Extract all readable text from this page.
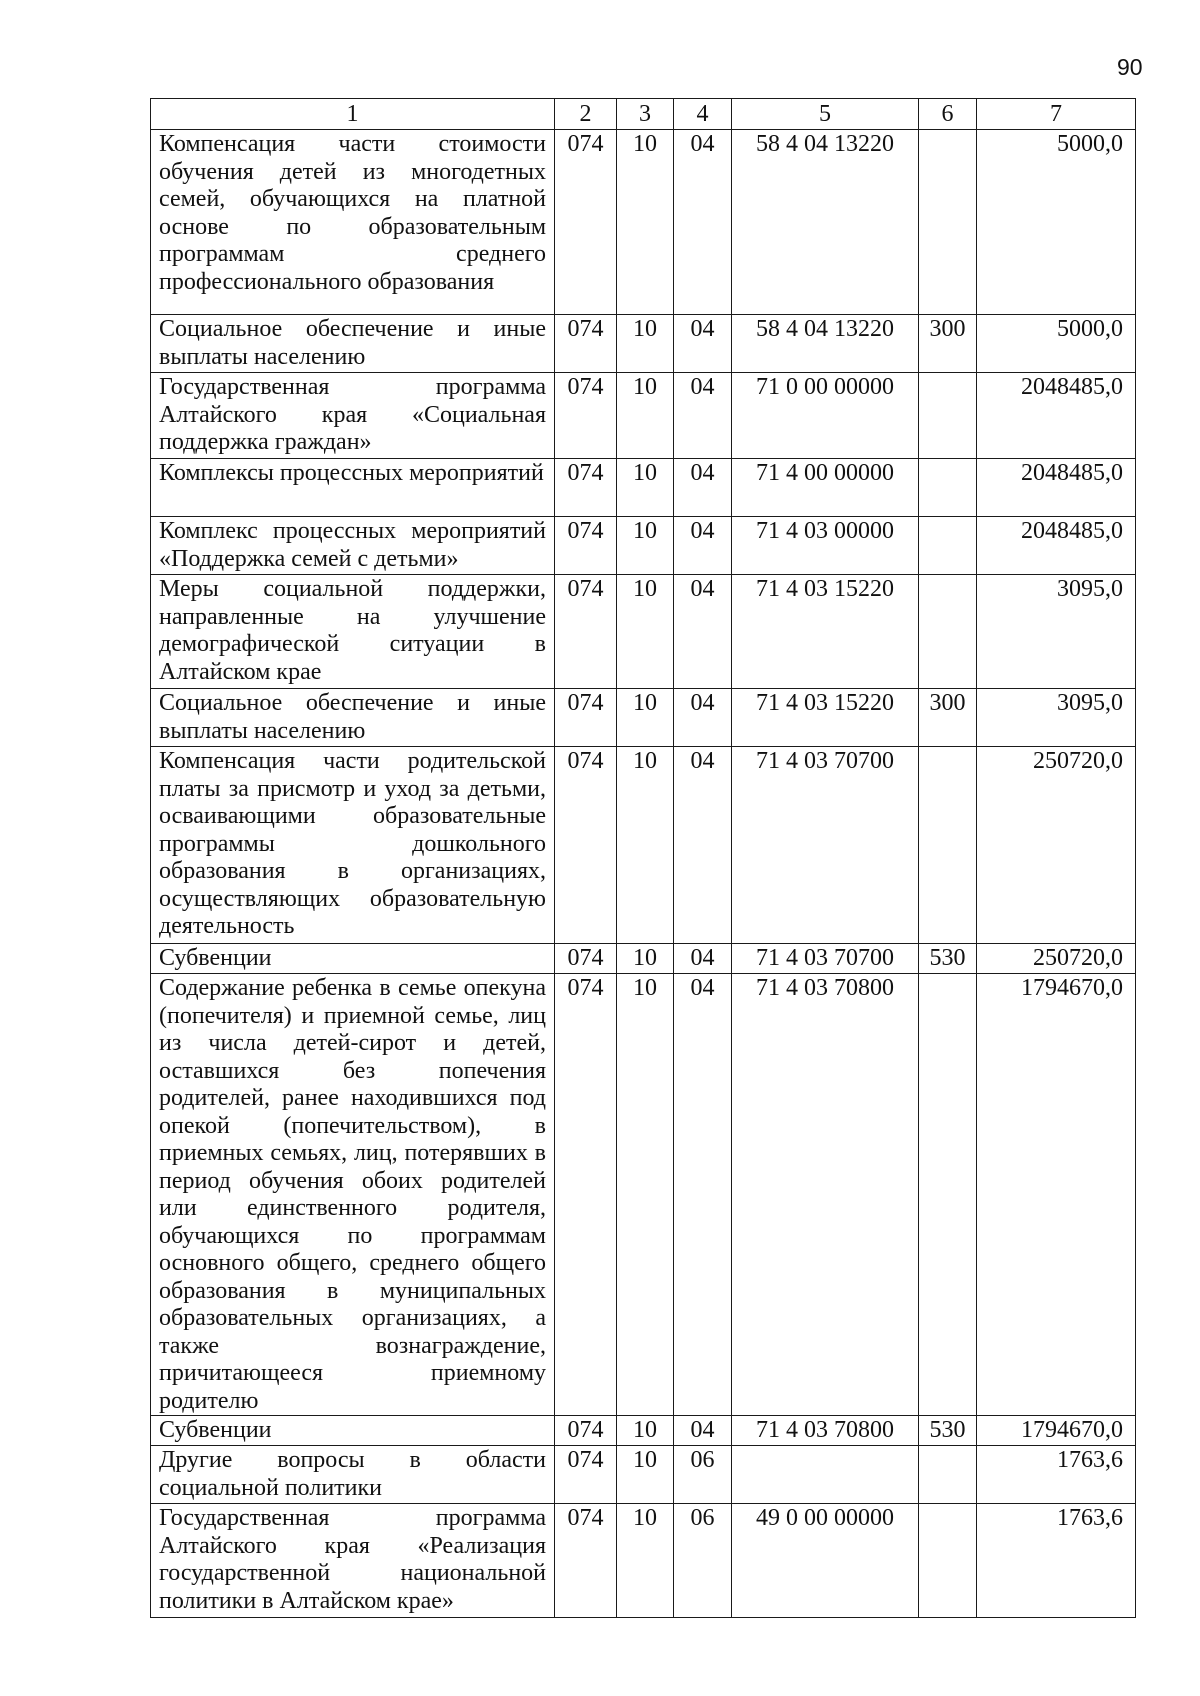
90
1	2	3	4	5	6	7
Компенсация части стоимости обучения детей из многодетных семей, обучающихся на платной основе по образовательным программам среднего профессионального образования	074	10	04	58 4 04 13220		5000,0
Социальное обеспечение и иные выплаты населению	074	10	04	58 4 04 13220	300	5000,0
Государственная программа Алтайского края «Социальная поддержка граждан»	074	10	04	71 0 00 00000		2048485,0
Комплексы процессных мероприятий	074	10	04	71 4 00 00000		2048485,0
Комплекс процессных мероприятий «Поддержка семей с детьми»	074	10	04	71 4 03 00000		2048485,0
Меры социальной поддержки, направленные на улучшение демографической ситуации в Алтайском крае	074	10	04	71 4 03 15220		3095,0
Социальное обеспечение и иные выплаты населению	074	10	04	71 4 03 15220	300	3095,0
Компенсация части родительской платы за присмотр и уход за детьми, осваивающими образовательные программы дошкольного образования в организациях, осуществляющих образовательную деятельность	074	10	04	71 4 03 70700		250720,0
Субвенции	074	10	04	71 4 03 70700	530	250720,0
Содержание ребенка в семье опекуна (попечителя) и приемной семье, лиц из числа детей-сирот и детей, оставшихся без попечения родителей, ранее находившихся под опекой (попечительством), в приемных семьях, лиц, потерявших в период обучения обоих родителей или единственного родителя, обучающихся по программам основного общего, среднего общего образования в муниципальных образовательных организациях, а также вознаграждение, причитающееся приемному родителю	074	10	04	71 4 03 70800		1794670,0
Субвенции	074	10	04	71 4 03 70800	530	1794670,0
Другие вопросы в области социальной политики	074	10	06			1763,6
Государственная программа Алтайского края «Реализация государственной национальной политики в Алтайском крае»	074	10	06	49 0 00 00000		1763,6
